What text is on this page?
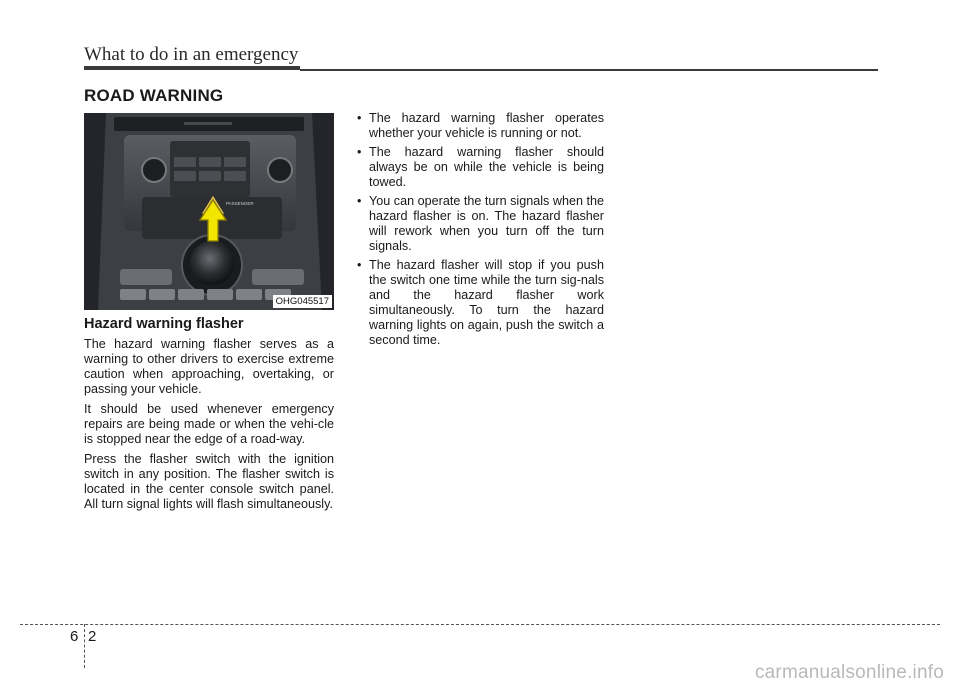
What to do in an emergency
ROAD WARNING
PASSENGER
OHG045517
Hazard warning flasher

The hazard warning flasher serves as a warning to other drivers to exercise extreme caution when approaching, overtaking, or passing your vehicle.

It should be used whenever emergency repairs are being made or when the vehi-cle is stopped near the edge of a road-way.

Press the flasher switch with the ignition switch in any position. The flasher switch is located in the center console switch panel. All turn signal lights will flash simultaneously.

• The hazard warning flasher operates whether your vehicle is running or not.
• The hazard warning flasher should always be on while the vehicle is being towed.
• You can operate the turn signals when the hazard flasher is on. The hazard flasher will rework when you turn off the turn signals.
• The hazard flasher will stop if you push the switch one time while the turn sig-nals and the hazard flasher work simultaneously. To turn the hazard warning lights on again, push the switch a second time.
6 2
carmanualsonline.info
